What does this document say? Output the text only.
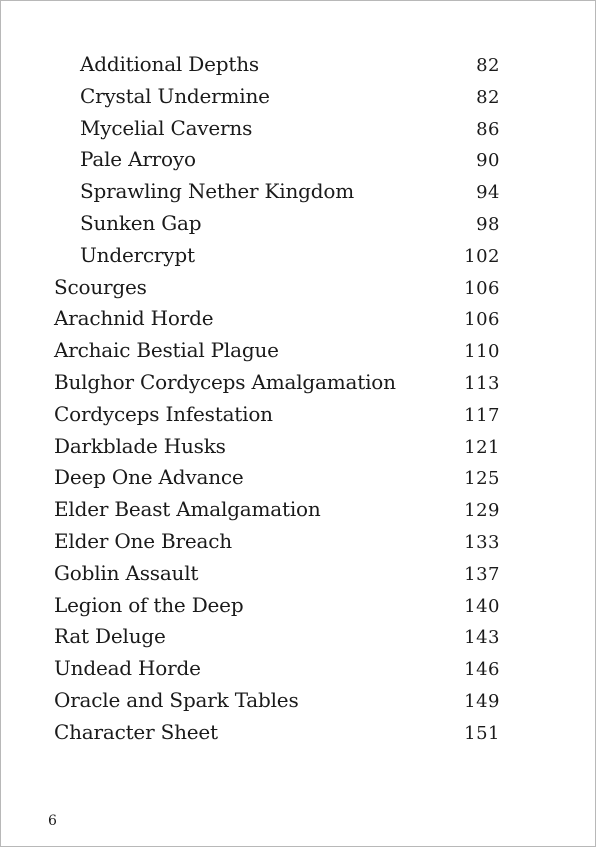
Additional Depths	82
Crystal Undermine	82
Mycelial Caverns	86
Pale Arroyo	90
Sprawling Nether Kingdom	94
Sunken Gap	98
Undercrypt	102
Scourges	106
Arachnid Horde	106
Archaic Bestial Plague	110
Bulghor Cordyceps Amalgamation	113
Cordyceps Infestation	117
Darkblade Husks	121
Deep One Advance	125
Elder Beast Amalgamation	129
Elder One Breach	133
Goblin Assault	137
Legion of the Deep	140
Rat Deluge	143
Undead Horde	146
Oracle and Spark Tables	149
Character Sheet	151
6
